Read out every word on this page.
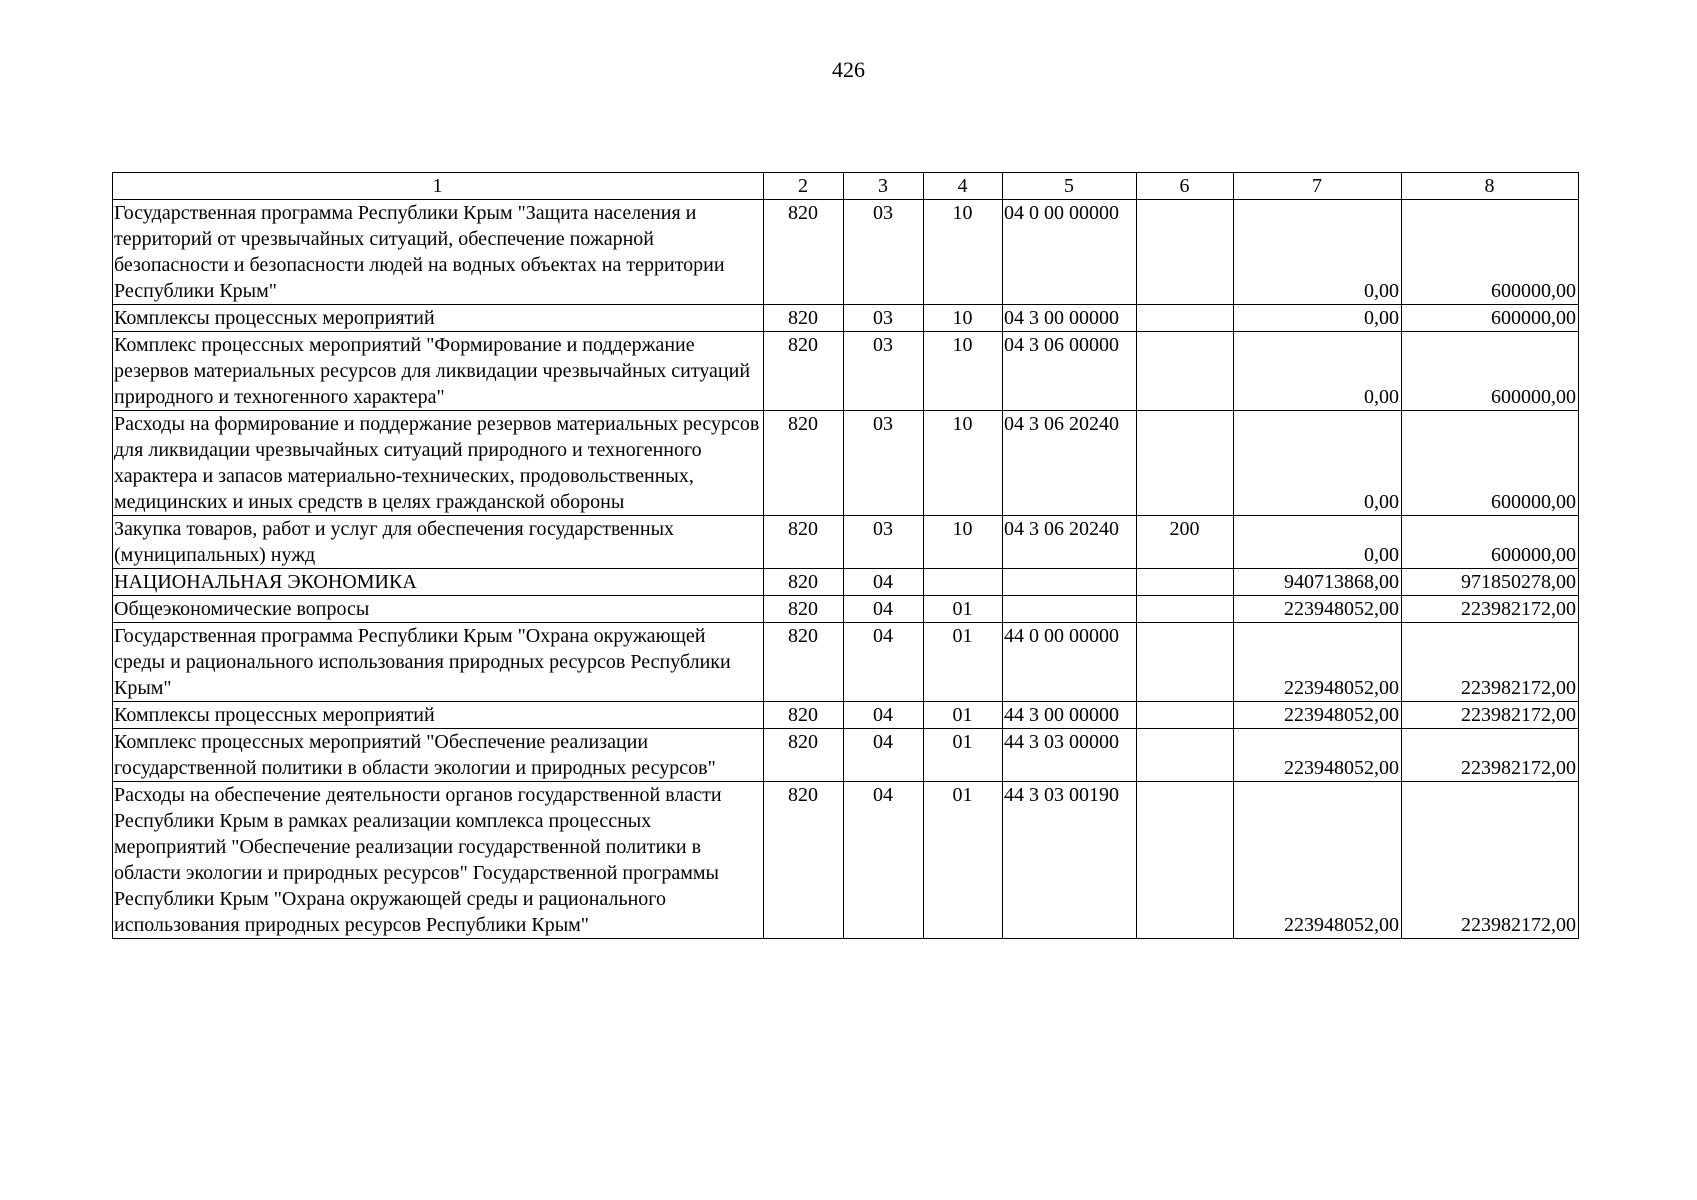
426
1	2	3	4	5	6	7	8
Государственная программа Республики Крым "Защита населения и территорий от чрезвычайных ситуаций, обеспечение пожарной безопасности и безопасности людей на водных объектах на территории Республики Крым"	820	03	10	04 0 00 00000		0,00	600000,00
Комплексы процессных мероприятий	820	03	10	04 3 00 00000		0,00	600000,00
Комплекс процессных мероприятий "Формирование и поддержание резервов материальных ресурсов для ликвидации чрезвычайных ситуаций природного и техногенного характера"	820	03	10	04 3 06 00000		0,00	600000,00
Расходы на формирование и поддержание резервов материальных ресурсов для ликвидации чрезвычайных ситуаций природного и техногенного характера и запасов материально-технических, продовольственных, медицинских и иных средств в целях гражданской обороны	820	03	10	04 3 06 20240		0,00	600000,00
Закупка товаров, работ и услуг для обеспечения государственных (муниципальных) нужд	820	03	10	04 3 06 20240	200	0,00	600000,00
НАЦИОНАЛЬНАЯ ЭКОНОМИКА	820	04				940713868,00	971850278,00
Общеэкономические вопросы	820	04	01			223948052,00	223982172,00
Государственная программа Республики Крым "Охрана окружающей среды и рационального использования природных ресурсов Республики Крым"	820	04	01	44 0 00 00000		223948052,00	223982172,00
Комплексы процессных мероприятий	820	04	01	44 3 00 00000		223948052,00	223982172,00
Комплекс процессных мероприятий "Обеспечение реализации государственной политики в области экологии и природных ресурсов"	820	04	01	44 3 03 00000		223948052,00	223982172,00
Расходы на обеспечение деятельности органов государственной власти Республики Крым в рамках реализации комплекса процессных мероприятий "Обеспечение реализации государственной политики в области экологии и природных ресурсов" Государственной программы Республики Крым "Охрана окружающей среды и рационального использования природных ресурсов Республики Крым"	820	04	01	44 3 03 00190		223948052,00	223982172,00
